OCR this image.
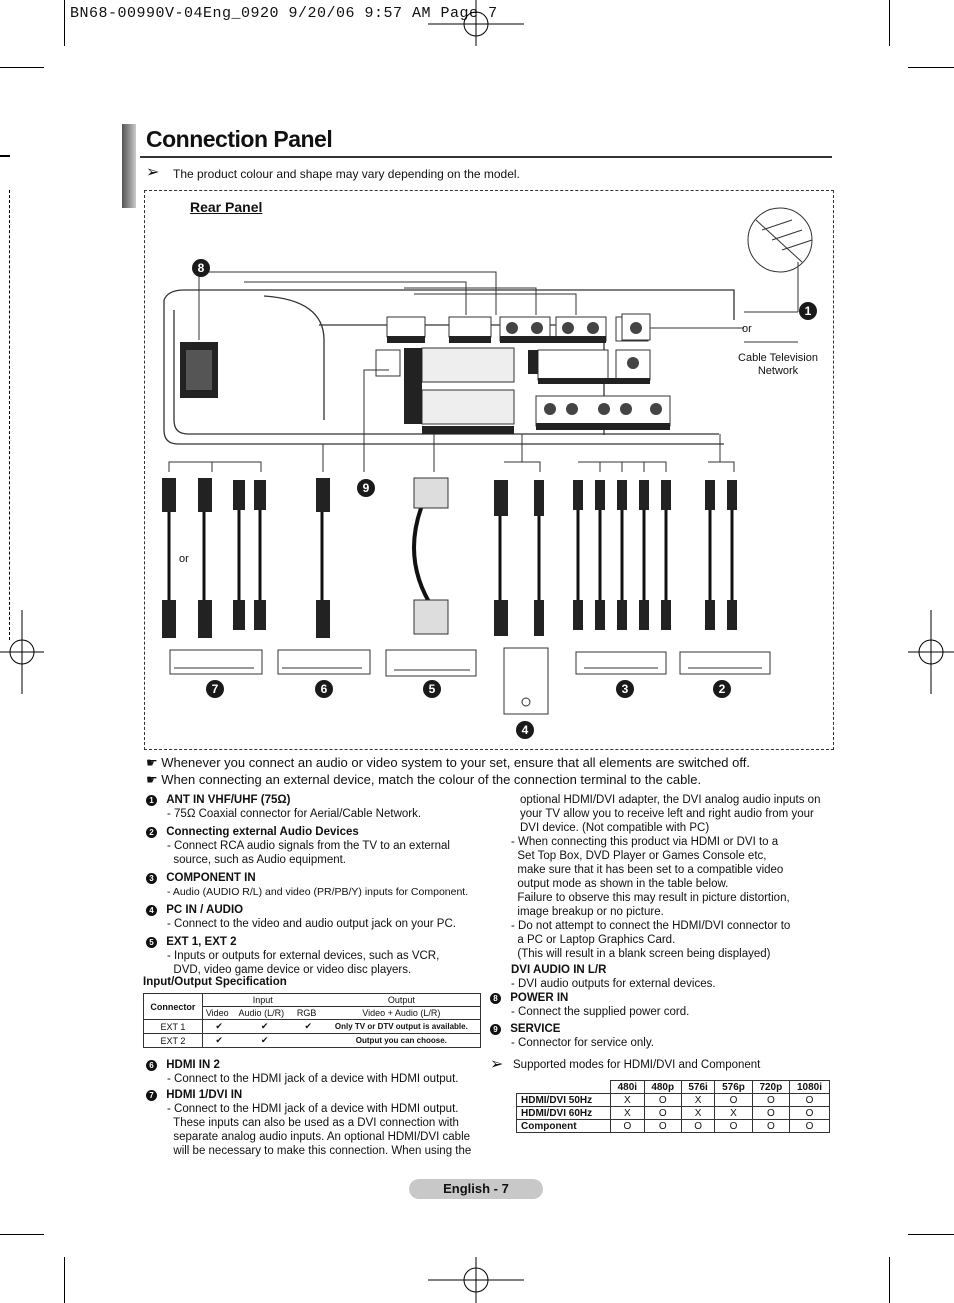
BN68-00990V-04Eng_0920 9/20/06 9:57 AM Page 7
Connection Panel
➢ The product colour and shape may vary depending on the model.
Rear Panel
or
or
Cable Television Network
8
1
9
7	6	5	3	2
4
☛ Whenever you connect an audio or video system to your set, ensure that all elements are switched off.
☛ When connecting an external device, match the colour of the connection terminal to the cable.
1 ANT IN VHF/UHF (75Ω)
- 75Ω Coaxial connector for Aerial/Cable Network.
2 Connecting external Audio Devices
- Connect RCA audio signals from the TV to an external
source, such as Audio equipment.
3 COMPONENT IN
- Audio (AUDIO R/L) and video (PR/PB/Y) inputs for Component.
4 PC IN / AUDIO
- Connect to the video and audio output jack on your PC.
5 EXT 1, EXT 2
- Inputs or outputs for external devices, such as VCR,
DVD, video game device or video disc players.
Input/Output Specification
Connector	Input			Output
	Video	Audio (L/R)	RGB	Video + Audio (L/R)
EXT 1	✔	✔	✔	Only TV or DTV output is available.
EXT 2	✔	✔		Output you can choose.
6 HDMI IN 2
- Connect to the HDMI jack of a device with HDMI output.
7 HDMI 1/DVI IN
- Connect to the HDMI jack of a device with HDMI output.
These inputs can also be used as a DVI connection with
separate analog audio inputs. An optional HDMI/DVI cable
will be necessary to make this connection. When using the
optional HDMI/DVI adapter, the DVI analog audio inputs on
your TV allow you to receive left and right audio from your
DVI device. (Not compatible with PC)
- When connecting this product via HDMI or DVI to a
Set Top Box, DVD Player or Games Console etc,
make sure that it has been set to a compatible video
output mode as shown in the table below.
Failure to observe this may result in picture distortion,
image breakup or no picture.
- Do not attempt to connect the HDMI/DVI connector to
a PC or Laptop Graphics Card.
(This will result in a blank screen being displayed)
DVI AUDIO IN L/R
- DVI audio outputs for external devices.
8 POWER IN
- Connect the supplied power cord.
9 SERVICE
- Connector for service only.
➢ Supported modes for HDMI/DVI and Component
	480i	480p	576i	576p	720p	1080i
HDMI/DVI 50Hz	X	O	X	O	O	O
HDMI/DVI 60Hz	X	O	X	X	O	O
Component	O	O	O	O	O	O
English - 7
